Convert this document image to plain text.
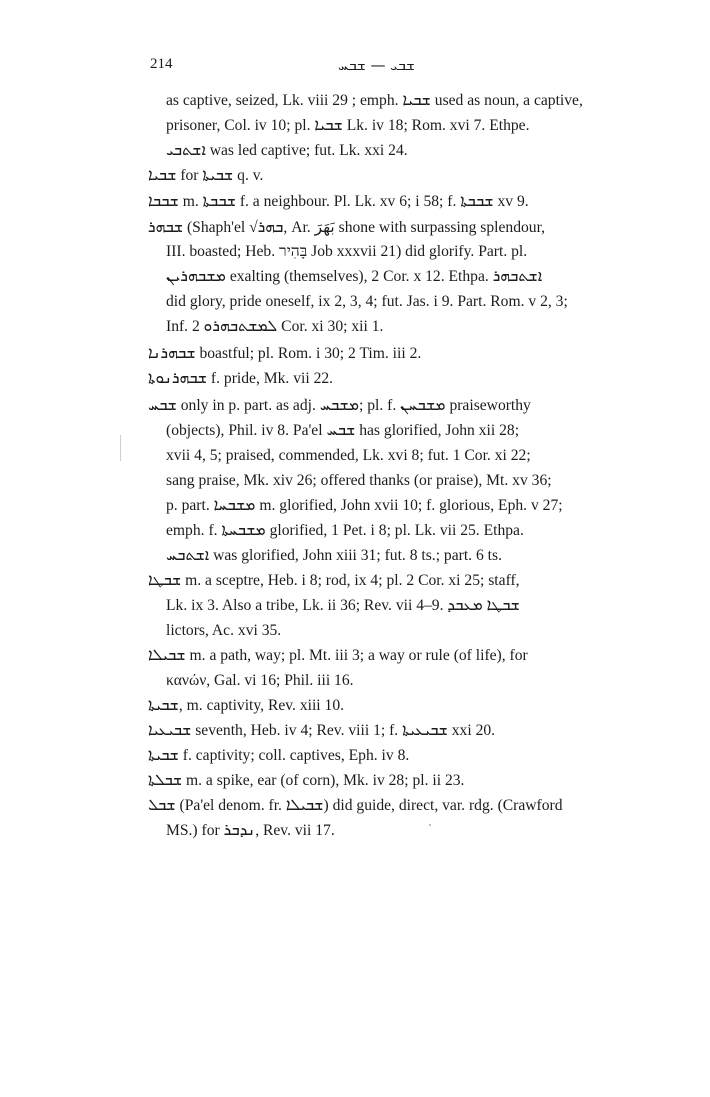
214	ܫܒܝ — ܫܒܚ
as captive, seized, Lk. viii 29 ; emph. ܫܒܝܐ used as noun, a captive,
prisoner, Col. iv 10; pl. ܫܒܝܐ Lk. iv 18; Rom. xvi 7. Ethpe.
ܐܫܬܒܝ was led captive; fut. Lk. xxi 24.
ܫܒܝܐ for ܫܒܝܬܐ q. v.
ܫܒܒܐ m. ܫܒܒܬܐ f. a neighbour. Pl. Lk. xv 6; i 58; f. ܫܒܒܬܐ xv 9.
ܫܒܗܪ (Shaph'el √ܒܗܪ, Ar. بَهَرَ shone with surpassing splendour,
III. boasted; Heb. בָּהִיר Job xxxvii 21) did glorify. Part. pl.
ܡܫܒܗܪܝܢ exalting (themselves), 2 Cor. x 12. Ethpa. ܐܫܬܒܗܪ
did glory, pride oneself, ix 2, 3, 4; fut. Jas. i 9. Part. Rom. v 2, 3;
Inf. ܠܡܫܬܒܗܪܘ 2 Cor. xi 30; xii 1.
ܫܒܗܪܢܐ boastful; pl. Rom. i 30; 2 Tim. iii 2.
ܫܒܗܪܢܘܬܐ f. pride, Mk. vii 22.
ܫܒܚ only in p. part. as adj. ܡܫܒܚ; pl. f. ܡܫܒܚܢ praiseworthy
(objects), Phil. iv 8. Pa'el ܫܒܚ has glorified, John xii 28;
xvii 4, 5; praised, commended, Lk. xvi 8; fut. 1 Cor. xi 22;
sang praise, Mk. xiv 26; offered thanks (or praise), Mt. xv 36;
p. part. ܡܫܒܚܐ m. glorified, John xvii 10; f. glorious, Eph. v 27;
emph. f. ܡܫܒܚܬܐ glorified, 1 Pet. i 8; pl. Lk. vii 25. Ethpa.
ܐܫܬܒܚ was glorified, John xiii 31; fut. 8 ts.; part. 6 ts.
ܫܒܛܐ m. a sceptre, Heb. i 8; rod, ix 4; pl. 2 Cor. xi 25; staff,
Lk. ix 3. Also a tribe, Lk. ii 36; Rev. vii 4–9. ܫܒܛܐ ܡܥܒܕ
lictors, Ac. xvi 35.
ܫܒܝܠܐ m. a path, way; pl. Mt. iii 3; a way or rule (of life), for
κανών, Gal. vi 16; Phil. iii 16.
ܫܒܝܬܐ, m. captivity, Rev. xiii 10.
ܫܒܝܥܝܐ seventh, Heb. iv 4; Rev. viii 1; f. ܫܒܝܥܝܬܐ xxi 20.
ܫܒܝܬܐ f. captivity; coll. captives, Eph. iv 8.
ܫܒܠܬܐ m. a spike, ear (of corn), Mk. iv 28; pl. ii 23.
ܫܒܠ (Pa'el denom. fr. ܫܒܝܠܐ) did guide, direct, var. rdg. (Crawford
MS.) for ܢܕܒܪ, Rev. vii 17.
